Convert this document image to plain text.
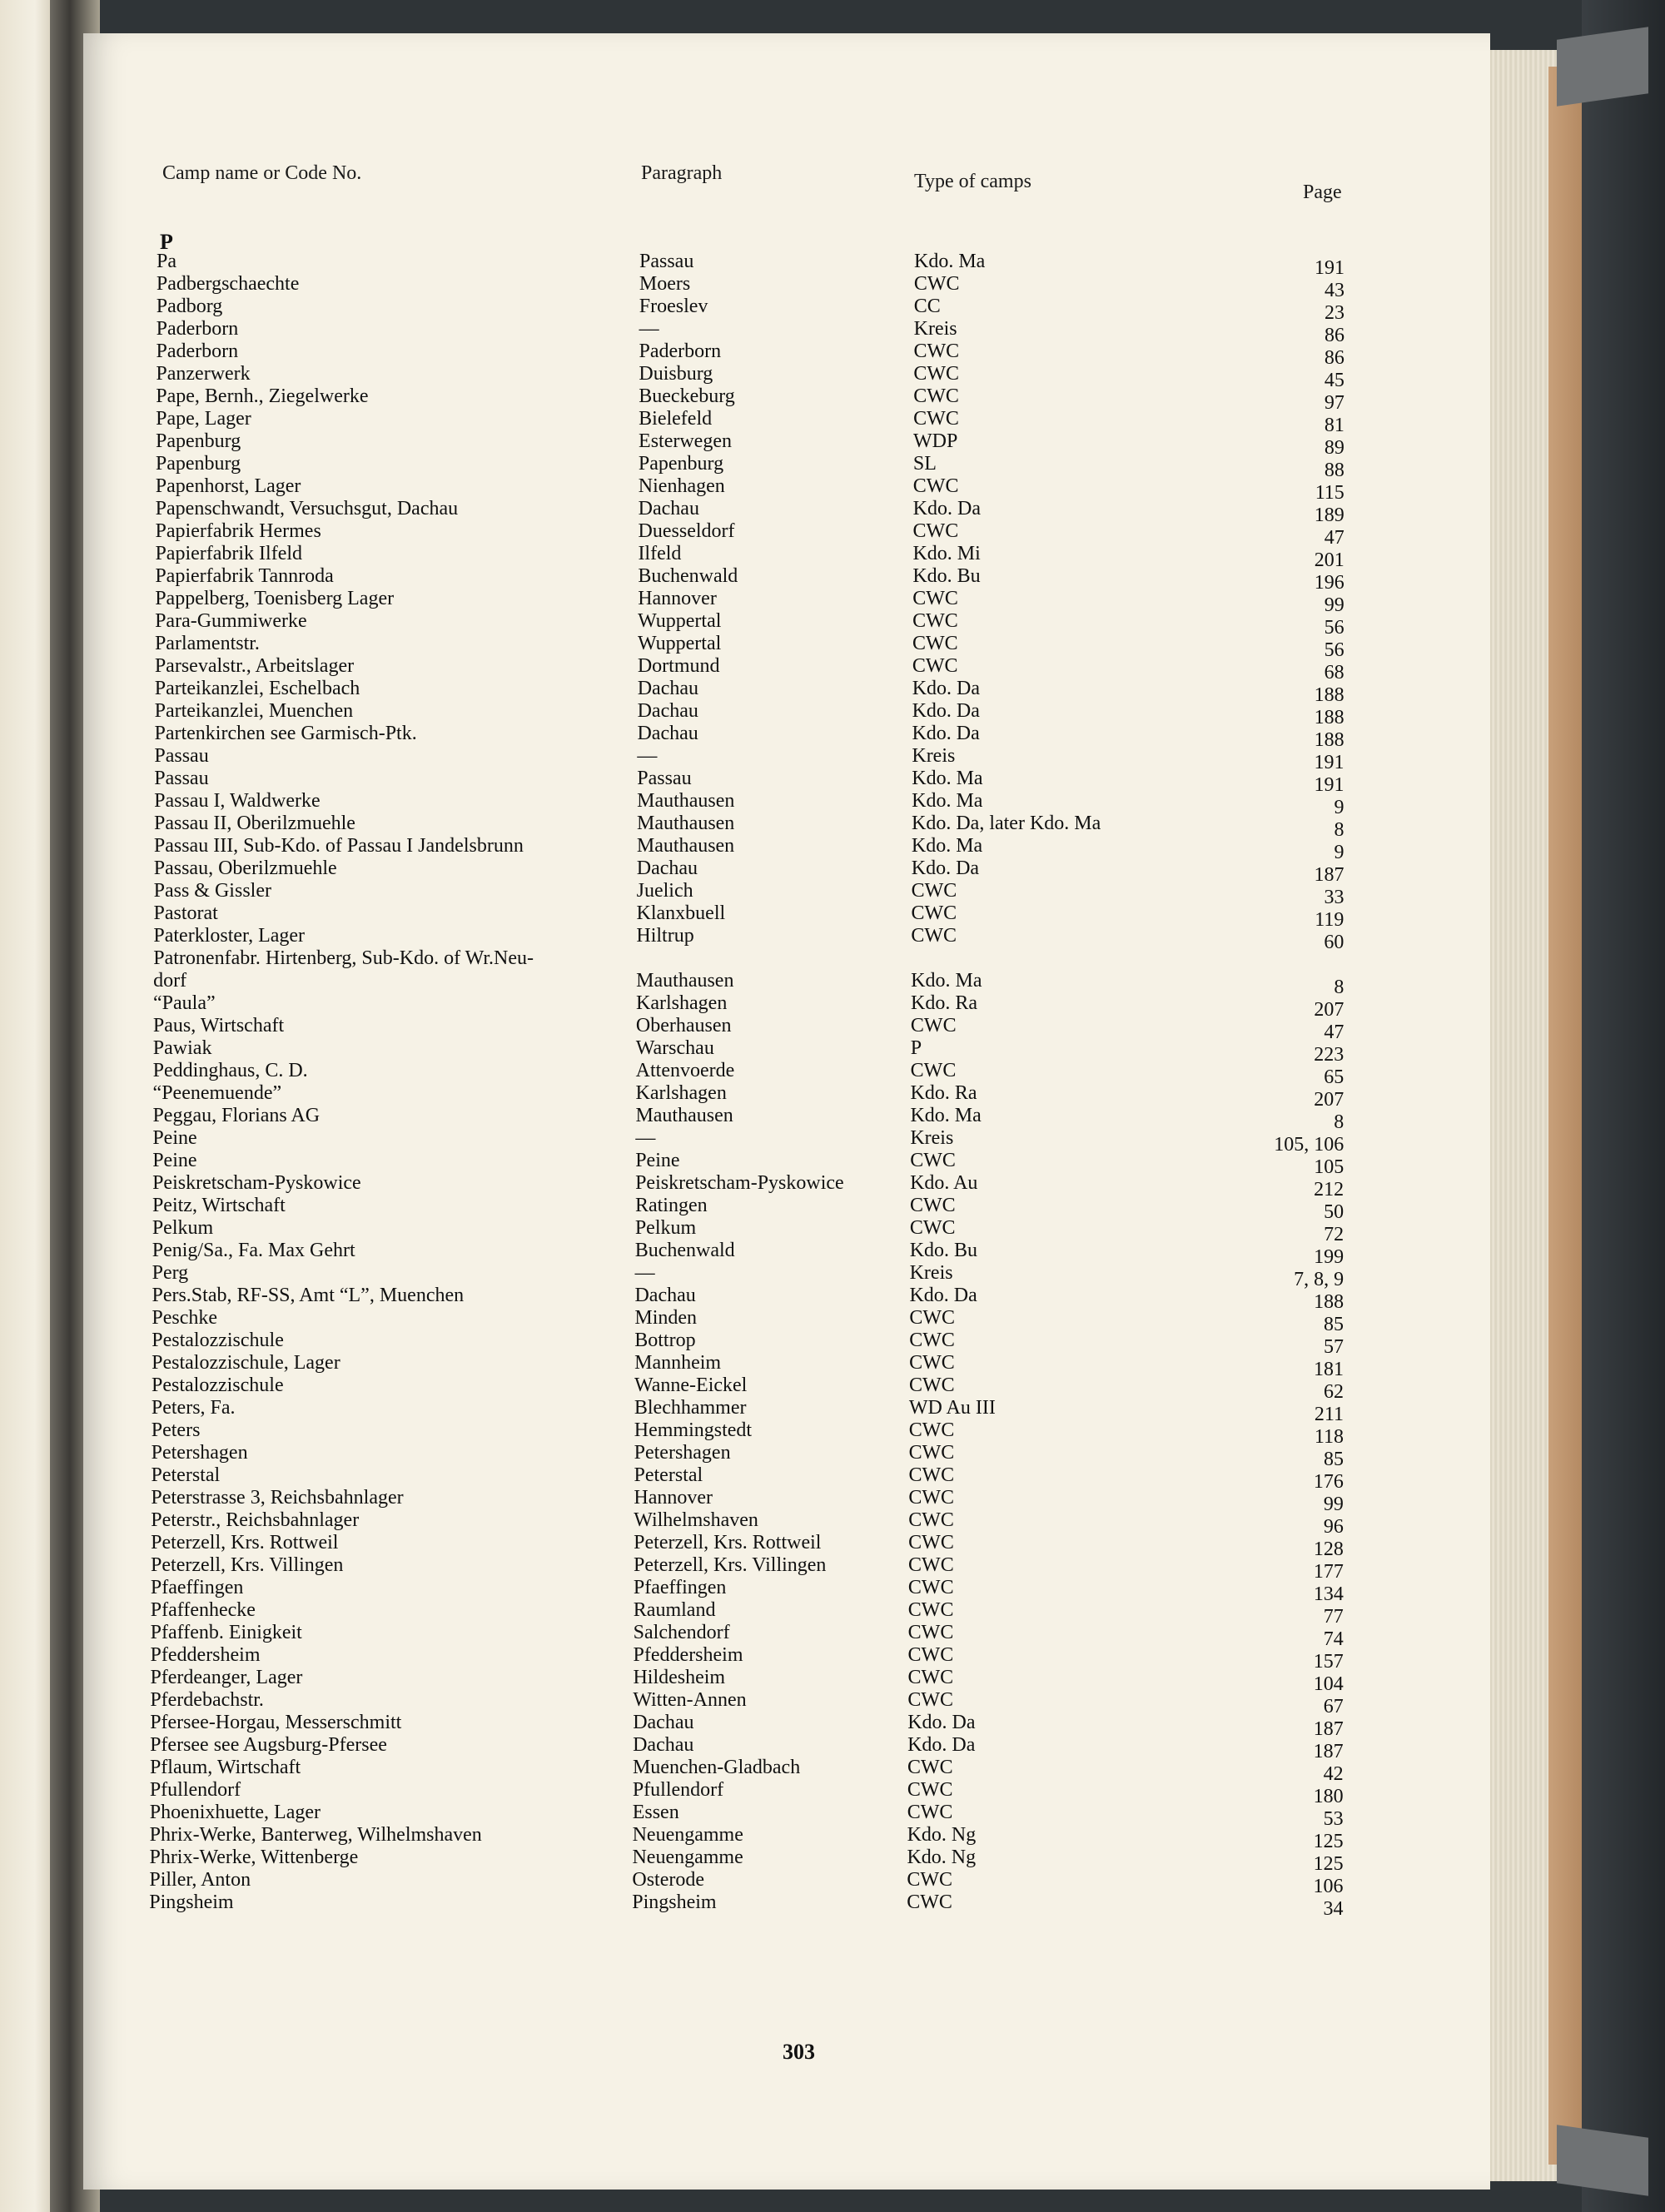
Camp name or Code No.	Paragraph	Type of camps	Page
P
Pa	Passau	Kdo. Ma	191
Padbergschaechte	Moers	CWC	43
Padborg	Froeslev	CC	23
Paderborn	—	Kreis	86
Paderborn	Paderborn	CWC	86
Panzerwerk	Duisburg	CWC	45
Pape, Bernh., Ziegelwerke	Bueckeburg	CWC	97
Pape, Lager	Bielefeld	CWC	81
Papenburg	Esterwegen	WDP	89
Papenburg	Papenburg	SL	88
Papenhorst, Lager	Nienhagen	CWC	115
Papenschwandt, Versuchsgut, Dachau	Dachau	Kdo. Da	189
Papierfabrik Hermes	Duesseldorf	CWC	47
Papierfabrik Ilfeld	Ilfeld	Kdo. Mi	201
Papierfabrik Tannroda	Buchenwald	Kdo. Bu	196
Pappelberg, Toenisberg Lager	Hannover	CWC	99
Para-Gummiwerke	Wuppertal	CWC	56
Parlamentstr.	Wuppertal	CWC	56
Parsevalstr., Arbeitslager	Dortmund	CWC	68
Parteikanzlei, Eschelbach	Dachau	Kdo. Da	188
Parteikanzlei, Muenchen	Dachau	Kdo. Da	188
Partenkirchen see Garmisch-Ptk.	Dachau	Kdo. Da	188
Passau	—	Kreis	191
Passau	Passau	Kdo. Ma	191
Passau I, Waldwerke	Mauthausen	Kdo. Ma	9
Passau II, Oberilzmuehle	Mauthausen	Kdo. Da, later Kdo. Ma	8
Passau III, Sub-Kdo. of Passau I Jandelsbrunn	Mauthausen	Kdo. Ma	9
Passau, Oberilzmuehle	Dachau	Kdo. Da	187
Pass & Gissler	Juelich	CWC	33
Pastorat	Klanxbuell	CWC	119
Paterkloster, Lager	Hiltrup	CWC	60
Patronenfabr. Hirtenberg, Sub-Kdo. of Wr.Neu-
dorf	Mauthausen	Kdo. Ma	8
“Paula”	Karlshagen	Kdo. Ra	207
Paus, Wirtschaft	Oberhausen	CWC	47
Pawiak	Warschau	P	223
Peddinghaus, C. D.	Attenvoerde	CWC	65
“Peenemuende”	Karlshagen	Kdo. Ra	207
Peggau, Florians AG	Mauthausen	Kdo. Ma	8
Peine	—	Kreis	105, 106
Peine	Peine	CWC	105
Peiskretscham-Pyskowice	Peiskretscham-Pyskowice	Kdo. Au	212
Peitz, Wirtschaft	Ratingen	CWC	50
Pelkum	Pelkum	CWC	72
Penig/Sa., Fa. Max Gehrt	Buchenwald	Kdo. Bu	199
Perg	—	Kreis	7, 8, 9
Pers.Stab, RF-SS, Amt “L”, Muenchen	Dachau	Kdo. Da	188
Peschke	Minden	CWC	85
Pestalozzischule	Bottrop	CWC	57
Pestalozzischule, Lager	Mannheim	CWC	181
Pestalozzischule	Wanne-Eickel	CWC	62
Peters, Fa.	Blechhammer	WD Au III	211
Peters	Hemmingstedt	CWC	118
Petershagen	Petershagen	CWC	85
Peterstal	Peterstal	CWC	176
Peterstrasse 3, Reichsbahnlager	Hannover	CWC	99
Peterstr., Reichsbahnlager	Wilhelmshaven	CWC	96
Peterzell, Krs. Rottweil	Peterzell, Krs. Rottweil	CWC	128
Peterzell, Krs. Villingen	Peterzell, Krs. Villingen	CWC	177
Pfaeffingen	Pfaeffingen	CWC	134
Pfaffenhecke	Raumland	CWC	77
Pfaffenb. Einigkeit	Salchendorf	CWC	74
Pfeddersheim	Pfeddersheim	CWC	157
Pferdeanger, Lager	Hildesheim	CWC	104
Pferdebachstr.	Witten-Annen	CWC	67
Pfersee-Horgau, Messerschmitt	Dachau	Kdo. Da	187
Pfersee see Augsburg-Pfersee	Dachau	Kdo. Da	187
Pflaum, Wirtschaft	Muenchen-Gladbach	CWC	42
Pfullendorf	Pfullendorf	CWC	180
Phoenixhuette, Lager	Essen	CWC	53
Phrix-Werke, Banterweg, Wilhelmshaven	Neuengamme	Kdo. Ng	125
Phrix-Werke, Wittenberge	Neuengamme	Kdo. Ng	125
Piller, Anton	Osterode	CWC	106
Pingsheim	Pingsheim	CWC	34
303
